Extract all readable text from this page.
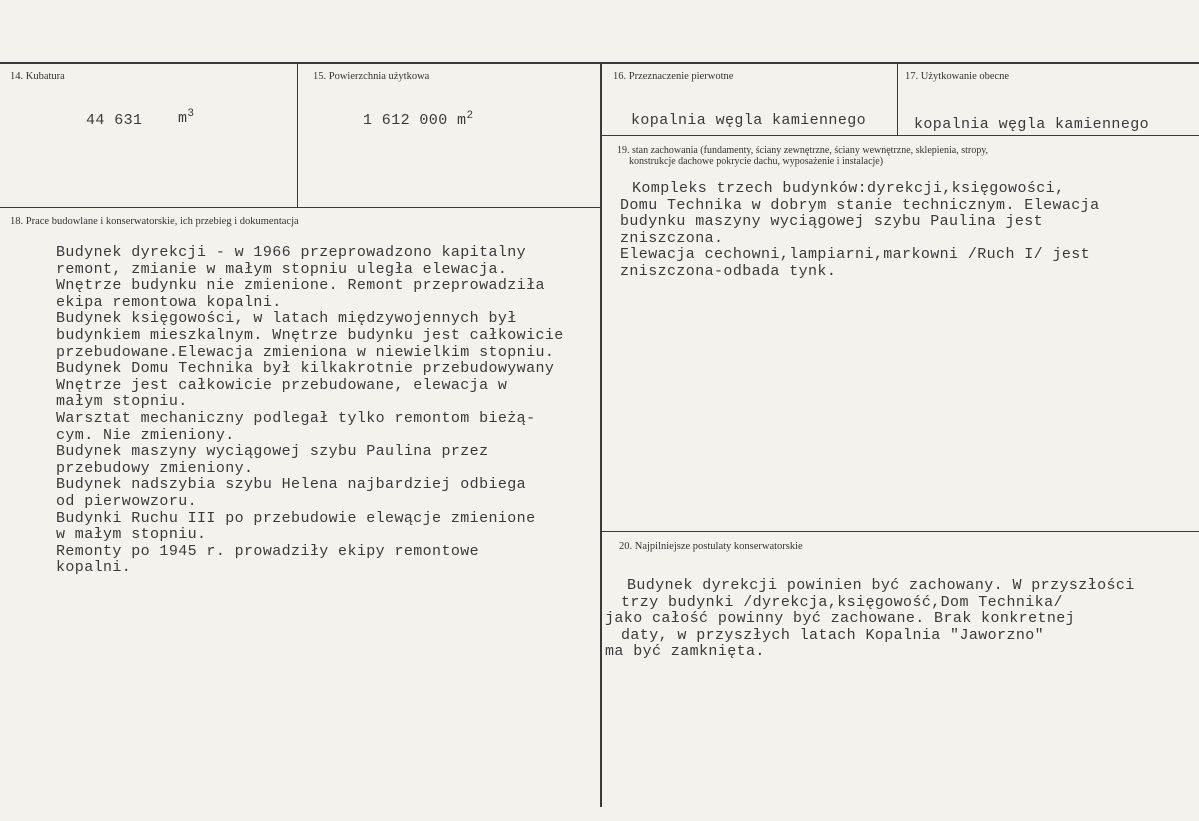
14. Kubatura
44 631 $m^3$
15. Powierzchnia użytkowa
1 612 000 $m^2$
16. Przeznaczenie pierwotne
kopalnia węgla kamiennego
17. Użytkowanie obecne
kopalnia węgla kamiennego
18. Prace budowlane i konserwatorskie, ich przebieg i dokumentacja
Budynek dyrekcji - w 1966 przeprowadzono kapitalny
remont, zmianie w małym stopniu uległa elewacja.
Wnętrze budynku nie zmienione. Remont przeprowadziła
ekipa remontowa kopalni.
Budynek księgowości, w latach międzywojennych był
budynkiem mieszkalnym. Wnętrze budynku jest całkowicie
przebudowane.Elewacja zmieniona w niewielkim stopniu.
Budynek Domu Technika był kilkakrotnie przebudowywany
Wnętrze jest całkowicie przebudowane, elewacja w
małym stopniu.
Warsztat mechaniczny podlegał tylko remontom bieżą-
cym. Nie zmieniony.
Budynek maszyny wyciągowej szybu Paulina przez
przebudowy zmieniony.
Budynek nadszybia szybu Helena najbardziej odbiega
od pierwowzoru.
Budynki Ruchu III po przebudowie elewącje zmienione
w małym stopniu.
Remonty po 1945 r. prowadziły ekipy remontowe
kopalni.
19. stan zachowania (fundamenty, ściany zewnętrzne, ściany wewnętrzne, sklepienia, stropy,
konstrukcje dachowe pokrycie dachu, wyposażenie i instalacje)
Kompleks trzech budynków:dyrekcji,księgowości,
Domu Technika w dobrym stanie technicznym. Elewacja
budynku maszyny wyciągowej szybu Paulina jest
zniszczona.
Elewacja cechowni,lampiarni,markowni /Ruch I/ jest
zniszczona-odbada tynk.
20. Najpilniejsze postulaty konserwatorskie
Budynek dyrekcji powinien być zachowany. W przyszłości
trzy budynki /dyrekcja,księgowość,Dom Technika/
jako całość powinny być zachowane. Brak konkretnej
daty, w przyszłych latach Kopalnia "Jaworzno"
ma być zamknięta.
